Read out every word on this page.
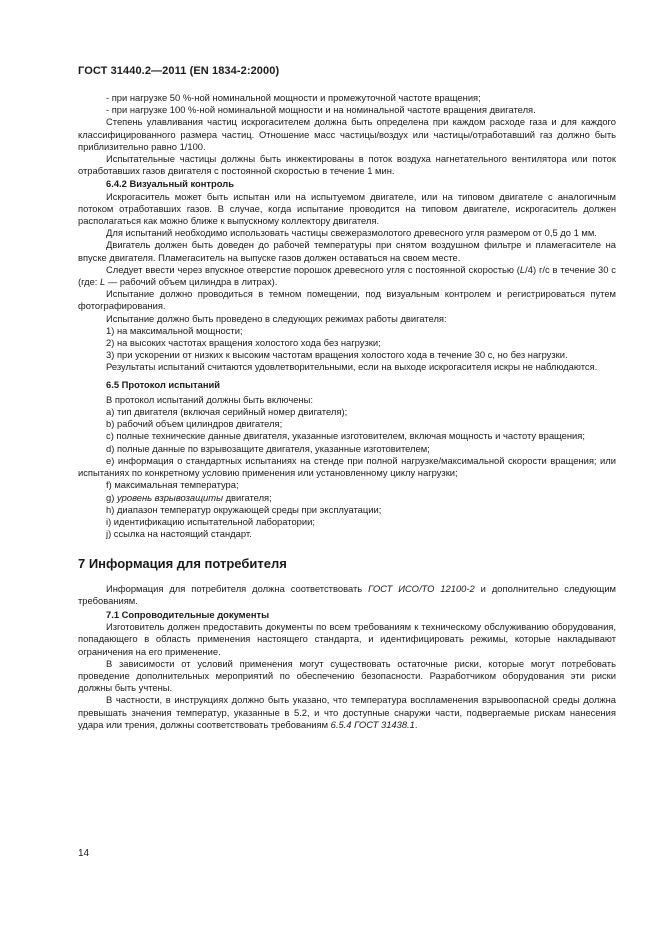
ГОСТ 31440.2—2011 (EN 1834-2:2000)

- при нагрузке 50 %-ной номинальной мощности и промежуточной частоте вращения;

- при нагрузке 100 %-ной номинальной мощности и на номинальной частоте вращения двигателя.

Степень улавливания частиц искрогасителем должна быть определена при каждом расходе газа и для каждого классифицированного размера частиц. Отношение масс частицы/воздух или частицы/отработавший газ должно быть приблизительно равно 1/100.

Испытательные частицы должны быть инжектированы в поток воздуха нагнетательного вентилятора или поток отработавших газов двигателя с постоянной скоростью в течение 1 мин.

6.4.2 Визуальный контроль

Искрогаситель может быть испытан или на испытуемом двигателе, или на типовом двигателе с аналогичным потоком отработавших газов. В случае, когда испытание проводится на типовом двигателе, искрогаситель должен располагаться как можно ближе к выпускному коллектору двигателя.

Для испытаний необходимо использовать частицы свежеразмолотого древесного угля размером от 0,5 до 1 мм.

Двигатель должен быть доведен до рабочей температуры при снятом воздушном фильтре и пламегасителе на впуске двигателя. Пламегаситель на выпуске газов должен оставаться на своем месте.

Следует ввести через впускное отверстие порошок древесного угля с постоянной скоростью (L/4) г/с в течение 30 с (где: L — рабочий объем цилиндра в литрах).

Испытание должно проводиться в темном помещении, под визуальным контролем и регистрироваться путем фотографирования.

Испытание должно быть проведено в следующих режимах работы двигателя:

1) на максимальной мощности;

2) на высоких частотах вращения холостого хода без нагрузки;

3) при ускорении от низких к высоким частотам вращения холостого хода в течение 30 с, но без нагрузки.

Результаты испытаний считаются удовлетворительными, если на выходе искрогасителя искры не наблюдаются.

6.5 Протокол испытаний

В протокол испытаний должны быть включены:

a) тип двигателя (включая серийный номер двигателя);

b) рабочий объем цилиндров двигателя;

c) полные технические данные двигателя, указанные изготовителем, включая мощность и частоту вращения;

d) полные данные по взрывозащите двигателя, указанные изготовителем;

e) информация о стандартных испытаниях на стенде при полной нагрузке/максимальной скорости вращения; или испытаниях по конкретному условию применения или установленному циклу нагрузки;

f) максимальная температура;

g) уровень взрывозащиты двигателя;

h) диапазон температур окружающей среды при эксплуатации;

i) идентификацию испытательной лаборатории;

j) ссылка на настоящий стандарт.

7 Информация для потребителя

Информация для потребителя должна соответствовать ГОСТ ИСО/ТО 12100-2 и дополнительно следующим требованиям.

7.1 Сопроводительные документы

Изготовитель должен предоставить документы по всем требованиям к техническому обслуживанию оборудования, попадающего в область применения настоящего стандарта, и идентифицировать режимы, которые накладывают ограничения на его применение.

В зависимости от условий применения могут существовать остаточные риски, которые могут потребовать проведение дополнительных мероприятий по обеспечению безопасности. Разработчиком оборудования эти риски должны быть учтены.

В частности, в инструкциях должно быть указано, что температура воспламенения взрывоопасной среды должна превышать значения температур, указанные в 5.2, и что доступные снаружи части, подвергаемые рискам нанесения удара или трения, должны соответствовать требованиям 6.5.4 ГОСТ 31438.1.

14
